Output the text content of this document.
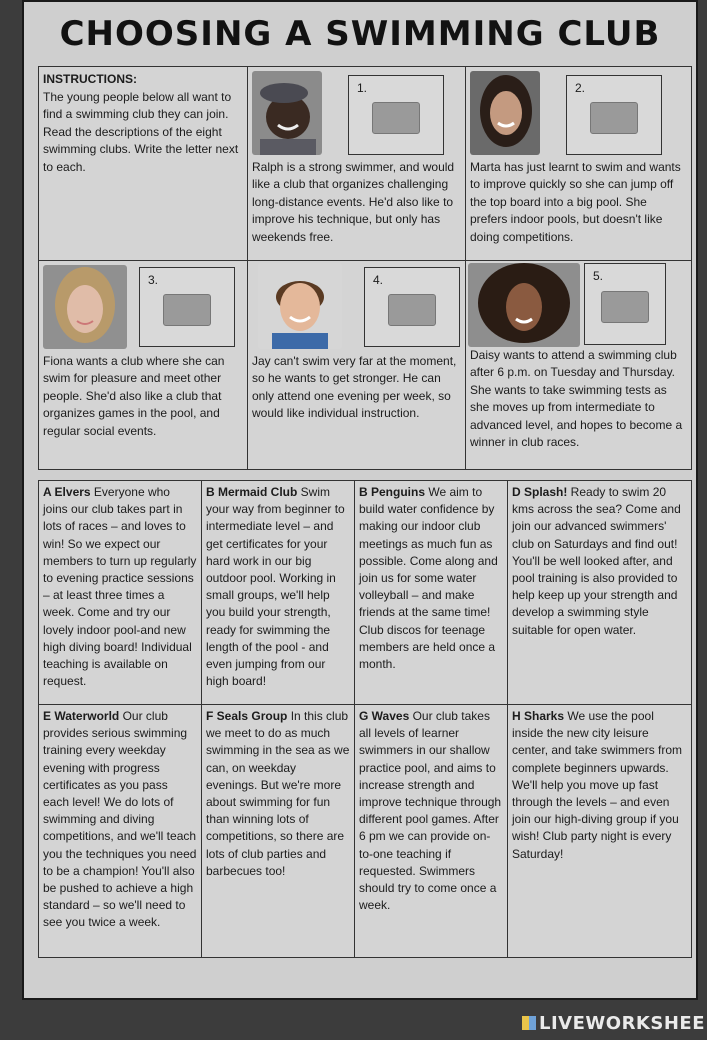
CHOOSING A SWIMMING CLUB
INSTRUCTIONS:
The young people below all want to find a swimming club they can join. Read the descriptions of the eight swimming clubs. Write the letter next to each.
1.
Ralph is a strong swimmer, and would like a club that organizes challenging long-distance events. He'd also like to improve his technique, but only has weekends free.
2.
Marta has just learnt to swim and wants to improve quickly so she can jump off the top board into a big pool. She prefers indoor pools, but doesn't like doing competitions.
3.
Fiona wants a club where she can swim for pleasure and meet other people. She'd also like a club that organizes games in the pool, and regular social events.
4.
Jay can't swim very far at the moment, so he wants to get stronger. He can only attend one evening per week, so would like individual instruction.
5.
Daisy wants to attend a swimming club after 6 p.m. on Tuesday and Thursday. She wants to take swimming tests as she moves up from intermediate to advanced level, and hopes to become a winner in club races.
A Elvers Everyone who joins our club takes part in lots of races – and loves to win! So we expect our members to turn up regularly to evening practice sessions – at least three times a week. Come and try our lovely indoor pool-and new high diving board! Individual teaching is available on request.
B Mermaid Club Swim your way from beginner to intermediate level – and get certificates for your hard work in our big outdoor pool. Working in small groups, we'll help you build your strength, ready for swimming the length of the pool - and even jumping from our high board!
B Penguins We aim to build water confidence by making our indoor club meetings as much fun as possible. Come along and join us for some water volleyball – and make friends at the same time! Club discos for teenage members are held once a month.
D Splash! Ready to swim 20 kms across the sea? Come and join our advanced swimmers' club on Saturdays and find out! You'll be well looked after, and pool training is also provided to help keep up your strength and develop a swimming style suitable for open water.
E Waterworld Our club provides serious swimming training every weekday evening with progress certificates as you pass each level! We do lots of swimming and diving competitions, and we'll teach you the techniques you need to be a champion! You'll also be pushed to achieve a high standard – so we'll need to see you twice a week.
F Seals Group In this club we meet to do as much swimming in the sea as we can, on weekday evenings. But we're more about swimming for fun than winning lots of competitions, so there are lots of club parties and barbecues too!
G Waves Our club takes all levels of learner swimmers in our shallow practice pool, and aims to increase strength and improve technique through different pool games. After 6 pm we can provide on-to-one teaching if requested. Swimmers should try to come once a week.
H Sharks We use the pool inside the new city leisure center, and take swimmers from complete beginners upwards. We'll help you move up fast through the levels – and even join our high-diving group if you wish! Club party night is every Saturday!
LIVEWORKSHEE
